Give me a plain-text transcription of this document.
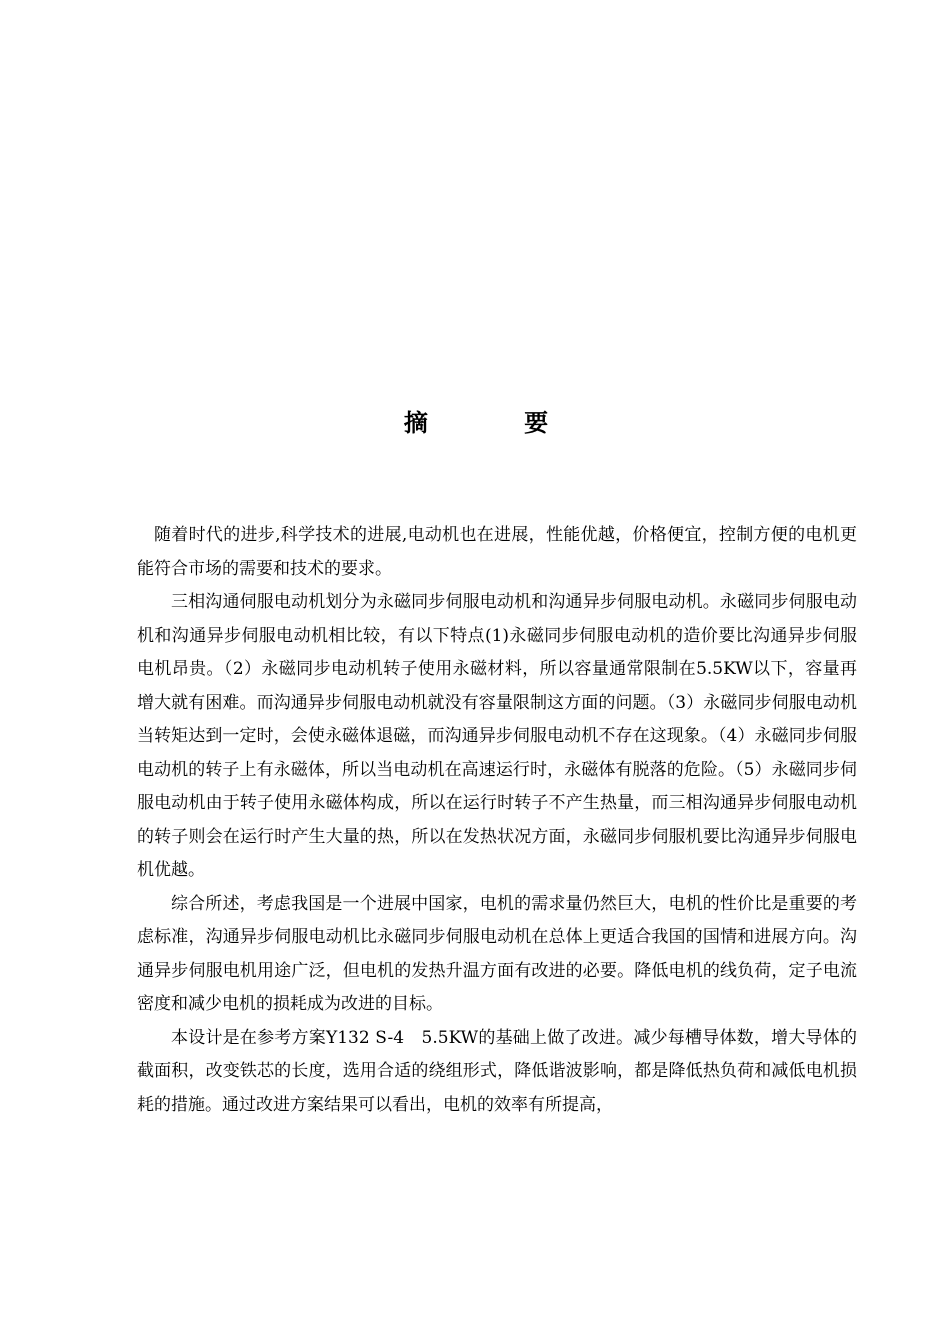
摘 要

随着时代的进步,科学技术的进展,电动机也在进展，性能优越，价格便宜，控制方便的电机更能符合市场的需要和技术的要求。

三相沟通伺服电动机划分为永磁同步伺服电动机和沟通异步伺服电动机。永磁同步伺服电动机和沟通异步伺服电动机相比较，有以下特点(1)永磁同步伺服电动机的造价要比沟通异步伺服电机昂贵。（2）永磁同步电动机转子使用永磁材料，所以容量通常限制在5.5KW以下，容量再增大就有困难。而沟通异步伺服电动机就没有容量限制这方面的问题。（3）永磁同步伺服电动机当转矩达到一定时，会使永磁体退磁，而沟通异步伺服电动机不存在这现象。（4）永磁同步伺服电动机的转子上有永磁体，所以当电动机在高速运行时，永磁体有脱落的危险。（5）永磁同步伺服电动机由于转子使用永磁体构成，所以在运行时转子不产生热量，而三相沟通异步伺服电动机的转子则会在运行时产生大量的热，所以在发热状况方面，永磁同步伺服机要比沟通异步伺服电机优越。

综合所述，考虑我国是一个进展中国家，电机的需求量仍然巨大，电机的性价比是重要的考虑标准，沟通异步伺服电动机比永磁同步伺服电动机在总体上更适合我国的国情和进展方向。沟通异步伺服电机用途广泛，但电机的发热升温方面有改进的必要。降低电机的线负荷，定子电流密度和减少电机的损耗成为改进的目标。

本设计是在参考方案Y132 S-4　5.5KW的基础上做了改进。减少每槽导体数，增大导体的截面积，改变铁芯的长度，选用合适的绕组形式，降低谐波影响，都是降低热负荷和减低电机损耗的措施。通过改进方案结果可以看出，电机的效率有所提高，
